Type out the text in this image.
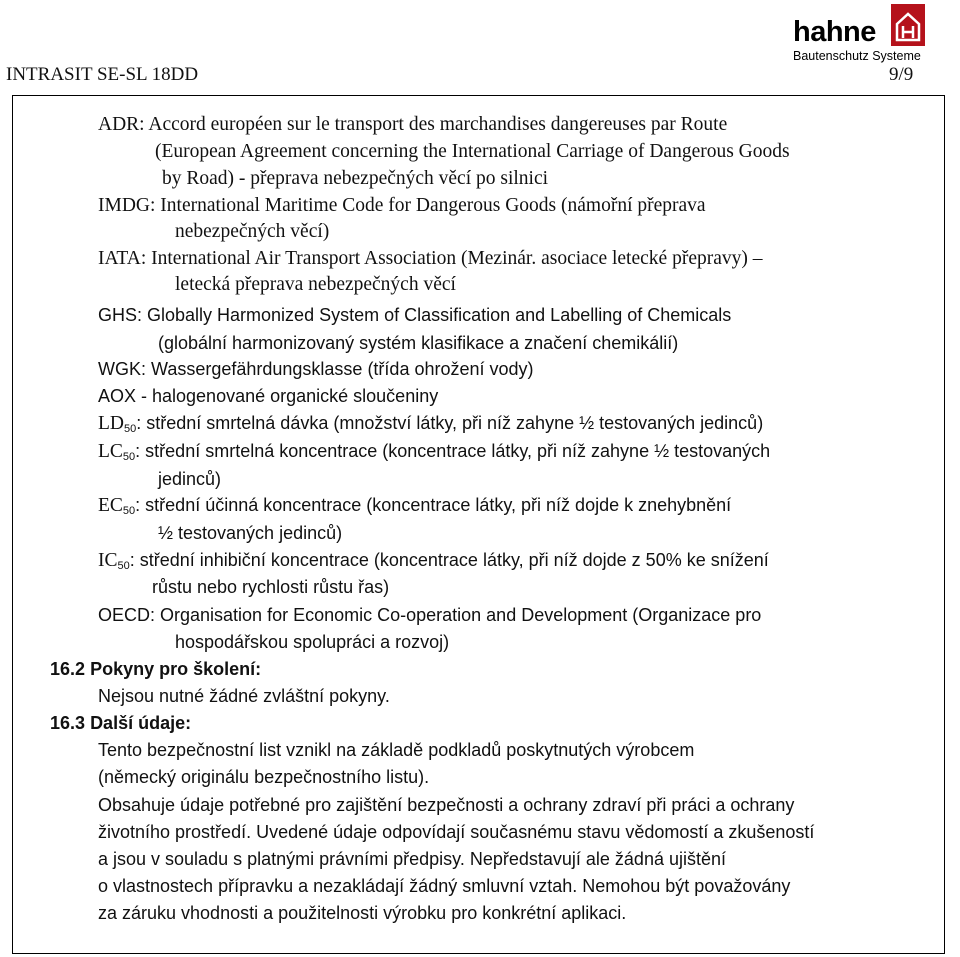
INTRASIT SE-SL 18DD	9/9
hahne
Bautenschutz Systeme
ADR: Accord européen sur le transport des marchandises dangereuses par Route
(European Agreement concerning the International Carriage of Dangerous Goods
by Road) - přeprava nebezpečných věcí po silnici
IMDG: International Maritime Code for Dangerous Goods (námořní přeprava
nebezpečných věcí)
IATA: International Air Transport Association (Mezinár. asociace letecké přepravy) –
letecká přeprava nebezpečných věcí
GHS: Globally Harmonized System of Classification and Labelling of Chemicals
(globální harmonizovaný systém klasifikace a značení chemikálií)
WGK: Wassergefährdungsklasse (třída ohrožení vody)
AOX - halogenované organické sloučeniny
$LD_{50}$: střední smrtelná dávka (množství látky, při níž zahyne ½ testovaných jedinců)
$LC_{50}$: střední smrtelná koncentrace (koncentrace látky, při níž zahyne ½ testovaných
jedinců)
$EC_{50}$: střední účinná koncentrace (koncentrace látky, při níž dojde k znehybnění
½ testovaných jedinců)
$IC_{50}$: střední inhibiční koncentrace (koncentrace látky, při níž dojde z 50% ke snížení
růstu nebo rychlosti růstu řas)
OECD: Organisation for Economic Co-operation and Development (Organizace pro
hospodářskou spolupráci a rozvoj)
16.2 Pokyny pro školení:
Nejsou nutné žádné zvláštní pokyny.
16.3 Další údaje:
Tento bezpečnostní list vznikl na základě podkladů poskytnutých výrobcem
(německý originálu bezpečnostního listu).
Obsahuje údaje potřebné pro zajištění bezpečnosti a ochrany zdraví při práci a ochrany
životního prostředí. Uvedené údaje odpovídají současnému stavu vědomostí a zkušeností
a jsou v souladu s platnými právními předpisy. Nepředstavují ale žádná ujištění
o vlastnostech přípravku a nezakládají žádný smluvní vztah. Nemohou být považovány
za záruku vhodnosti a použitelnosti výrobku pro konkrétní aplikaci.
